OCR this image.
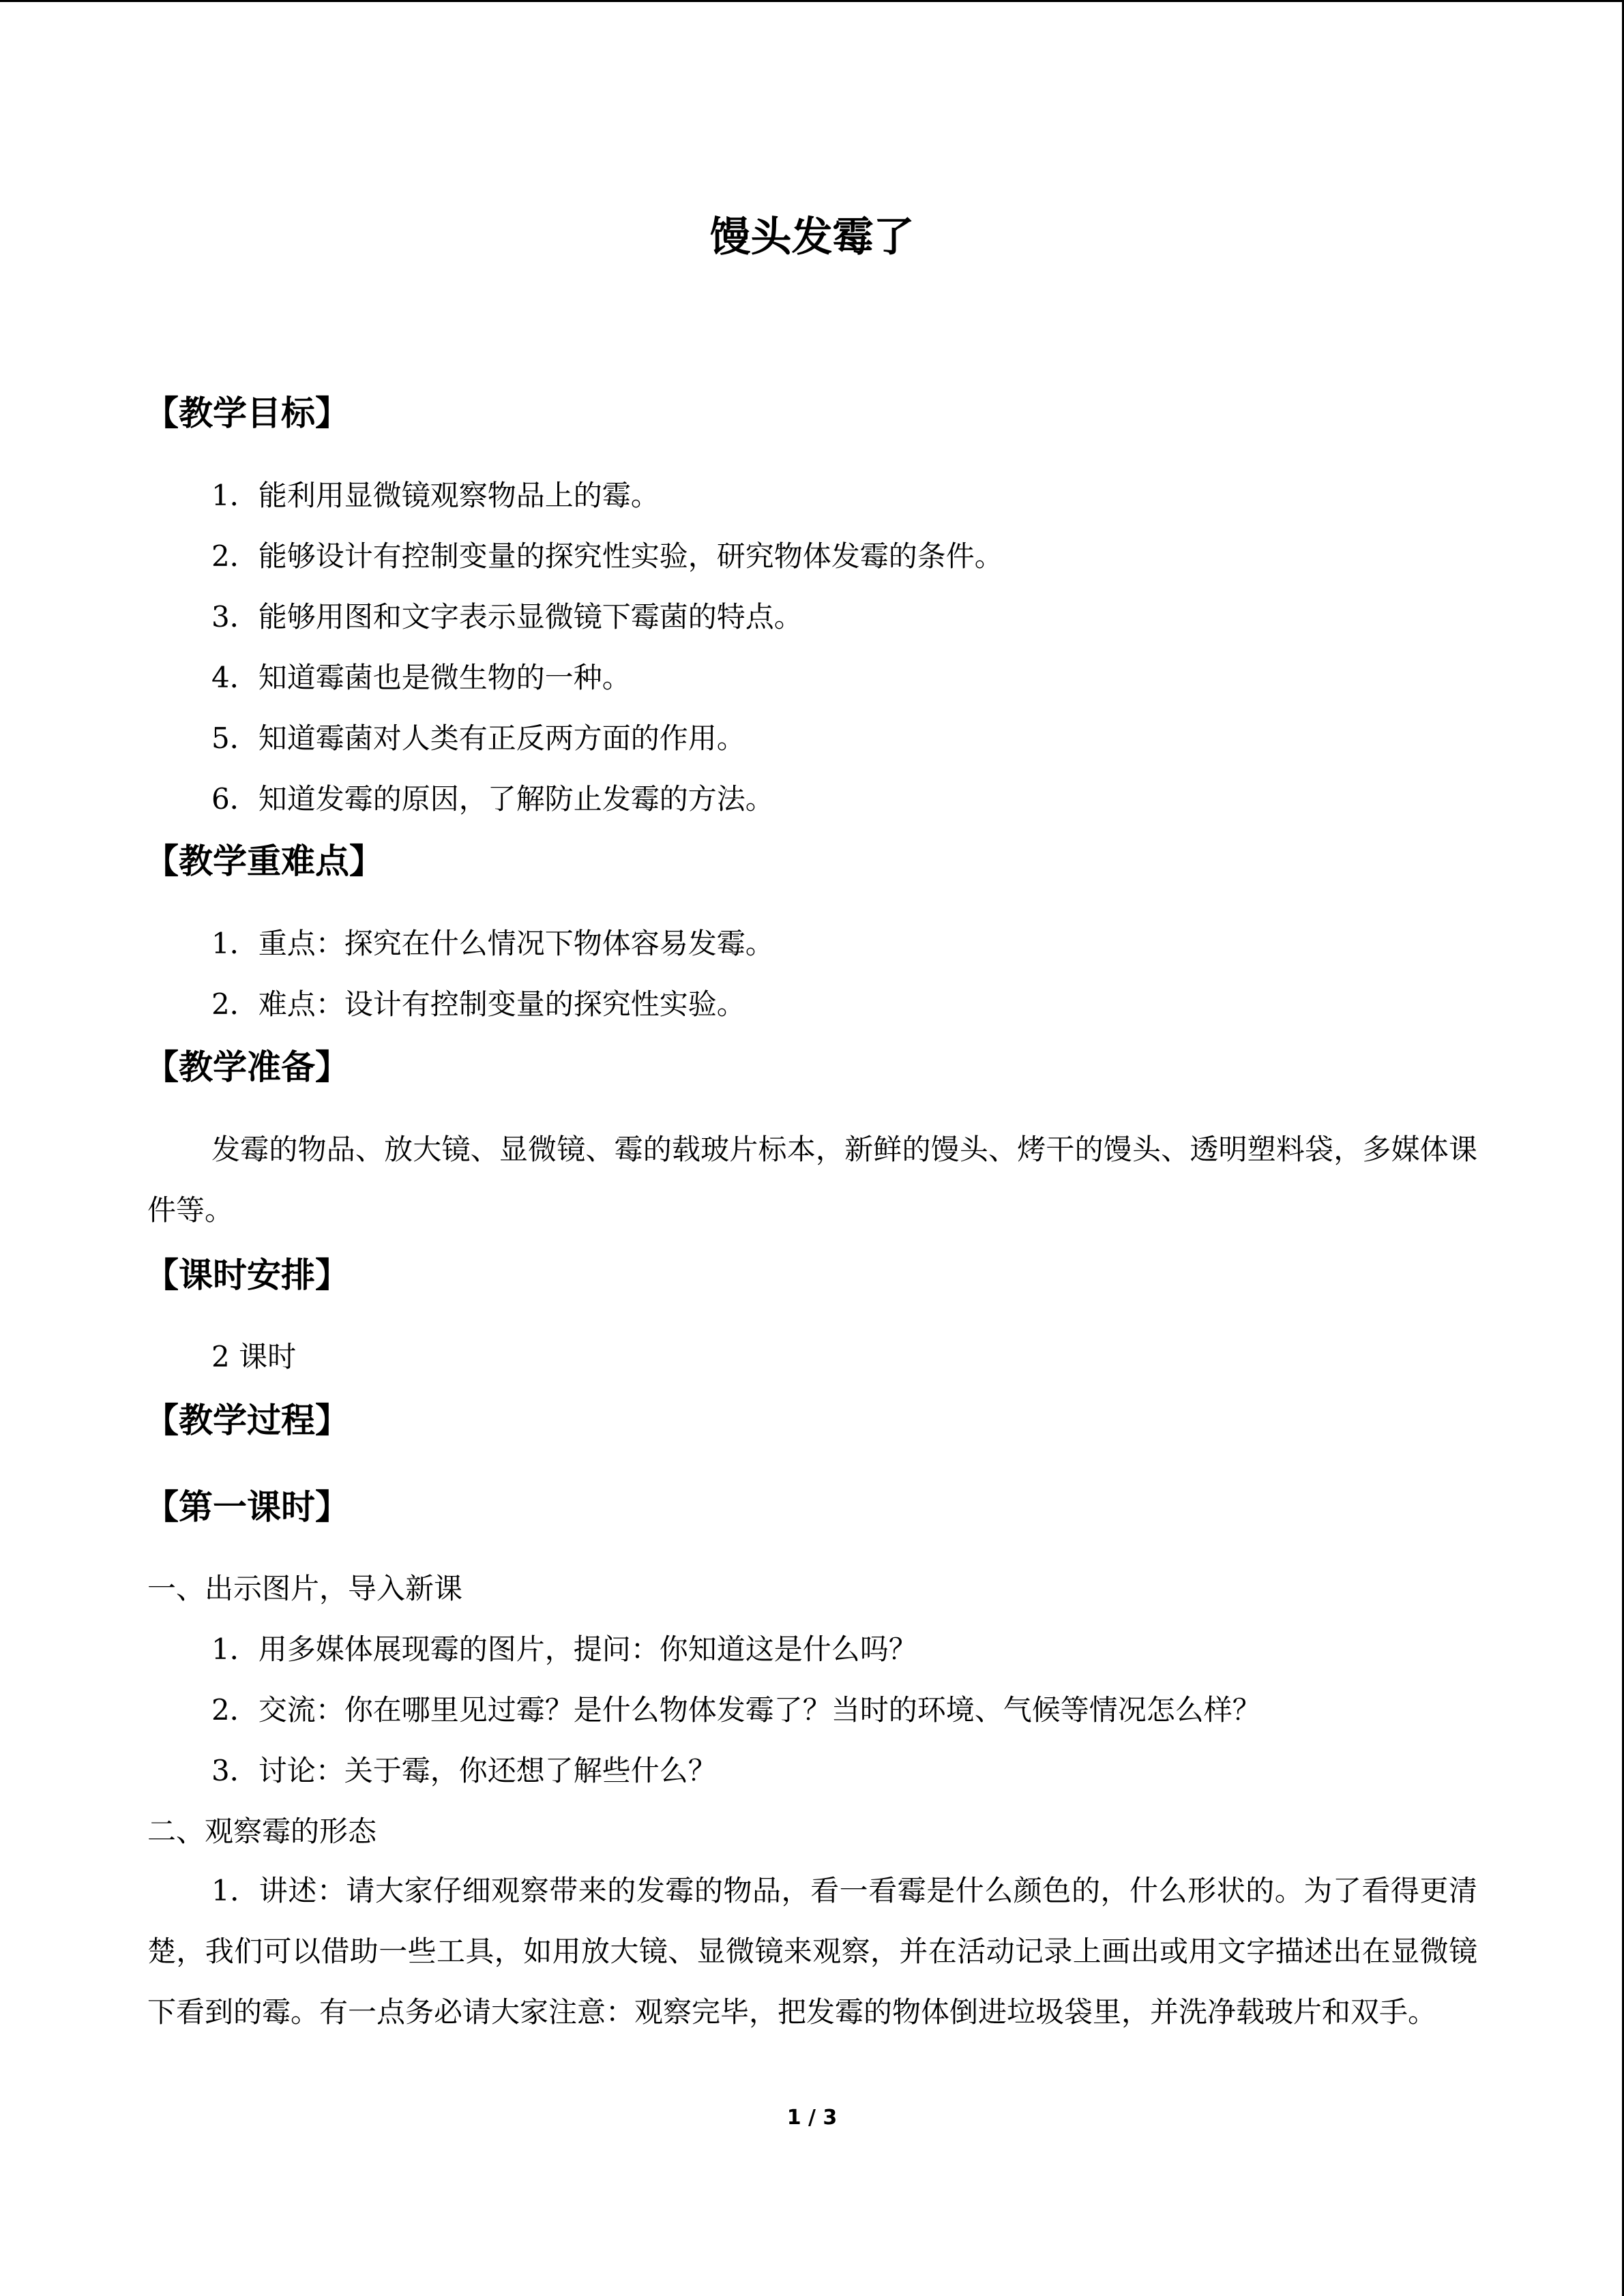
馒头发霉了
【教学目标】
1．能利用显微镜观察物品上的霉。
2．能够设计有控制变量的探究性实验，研究物体发霉的条件。
3．能够用图和文字表示显微镜下霉菌的特点。
4．知道霉菌也是微生物的一种。
5．知道霉菌对人类有正反两方面的作用。
6．知道发霉的原因，了解防止发霉的方法。
【教学重难点】
1．重点：探究在什么情况下物体容易发霉。
2．难点：设计有控制变量的探究性实验。
【教学准备】
发霉的物品、放大镜、显微镜、霉的载玻片标本，新鲜的馒头、烤干的馒头、透明塑料袋，多媒体课件等。
【课时安排】
2 课时
【教学过程】
【第一课时】
一、出示图片，导入新课
1．用多媒体展现霉的图片，提问：你知道这是什么吗？
2．交流：你在哪里见过霉？是什么物体发霉了？当时的环境、气候等情况怎么样？
3．讨论：关于霉，你还想了解些什么？
二、观察霉的形态
1．讲述：请大家仔细观察带来的发霉的物品，看一看霉是什么颜色的，什么形状的。为了看得更清楚，我们可以借助一些工具，如用放大镜、显微镜来观察，并在活动记录上画出或用文字描述出在显微镜下看到的霉。有一点务必请大家注意：观察完毕，把发霉的物体倒进垃圾袋里，并洗净载玻片和双手。
1 / 3
